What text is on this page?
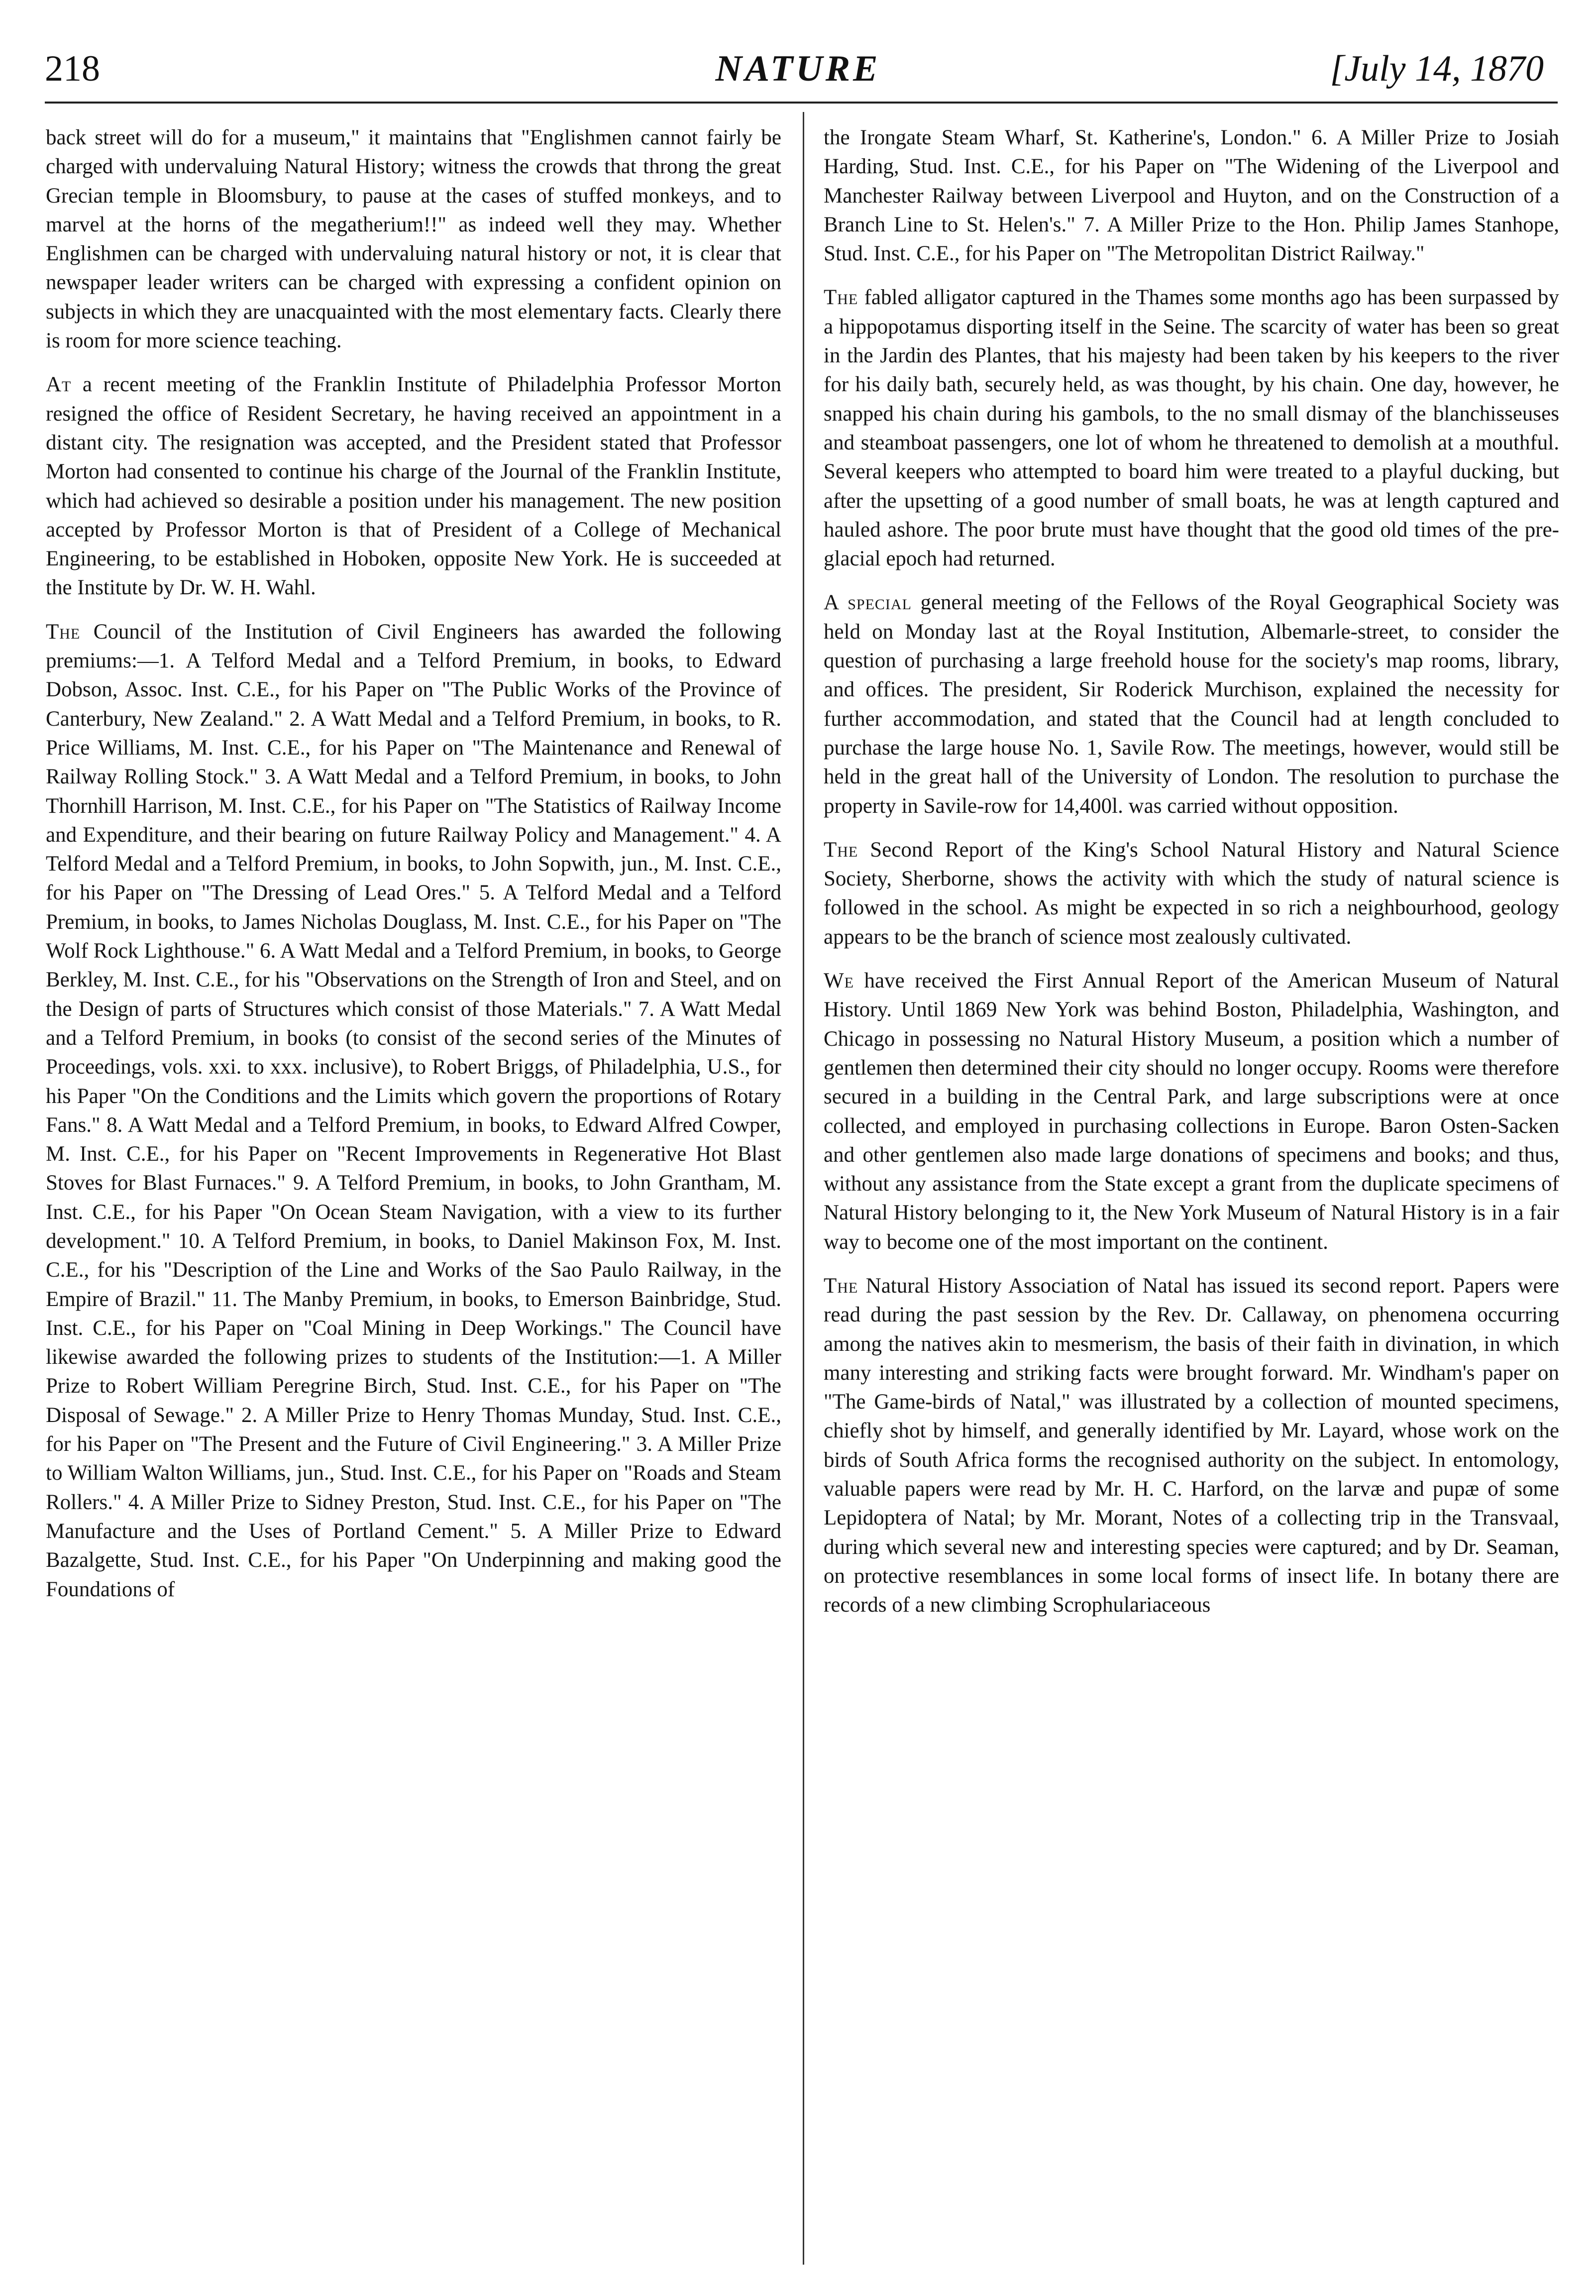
218	NATURE	[July 14, 1870

back street will do for a museum," it maintains that "Englishmen cannot fairly be charged with undervaluing Natural History; witness the crowds that throng the great Grecian temple in Bloomsbury, to pause at the cases of stuffed monkeys, and to marvel at the horns of the megatherium!!" as indeed well they may. Whether Englishmen can be charged with undervaluing natural history or not, it is clear that newspaper leader writers can be charged with expressing a confident opinion on subjects in which they are unacquainted with the most elementary facts. Clearly there is room for more science teaching.

At a recent meeting of the Franklin Institute of Philadelphia Professor Morton resigned the office of Resident Secretary, he having received an appointment in a distant city. The resignation was accepted, and the President stated that Professor Morton had consented to continue his charge of the Journal of the Franklin Institute, which had achieved so desirable a position under his management. The new position accepted by Professor Morton is that of President of a College of Mechanical Engineering, to be established in Hoboken, opposite New York. He is succeeded at the Institute by Dr. W. H. Wahl.

The Council of the Institution of Civil Engineers has awarded the following premiums:—1. A Telford Medal and a Telford Premium, in books, to Edward Dobson, Assoc. Inst. C.E., for his Paper on "The Public Works of the Province of Canterbury, New Zealand." 2. A Watt Medal and a Telford Premium, in books, to R. Price Williams, M. Inst. C.E., for his Paper on "The Maintenance and Renewal of Railway Rolling Stock." 3. A Watt Medal and a Telford Premium, in books, to John Thornhill Harrison, M. Inst. C.E., for his Paper on "The Statistics of Railway Income and Expenditure, and their bearing on future Railway Policy and Management." 4. A Telford Medal and a Telford Premium, in books, to John Sopwith, jun., M. Inst. C.E., for his Paper on "The Dressing of Lead Ores." 5. A Telford Medal and a Telford Premium, in books, to James Nicholas Douglass, M. Inst. C.E., for his Paper on "The Wolf Rock Lighthouse." 6. A Watt Medal and a Telford Premium, in books, to George Berkley, M. Inst. C.E., for his "Observations on the Strength of Iron and Steel, and on the Design of parts of Structures which consist of those Materials." 7. A Watt Medal and a Telford Premium, in books (to consist of the second series of the Minutes of Proceedings, vols. xxi. to xxx. inclusive), to Robert Briggs, of Philadelphia, U.S., for his Paper "On the Conditions and the Limits which govern the proportions of Rotary Fans." 8. A Watt Medal and a Telford Premium, in books, to Edward Alfred Cowper, M. Inst. C.E., for his Paper on "Recent Improvements in Regenerative Hot Blast Stoves for Blast Furnaces." 9. A Telford Premium, in books, to John Grantham, M. Inst. C.E., for his Paper "On Ocean Steam Navigation, with a view to its further development." 10. A Telford Premium, in books, to Daniel Makinson Fox, M. Inst. C.E., for his "Description of the Line and Works of the Sao Paulo Railway, in the Empire of Brazil." 11. The Manby Premium, in books, to Emerson Bainbridge, Stud. Inst. C.E., for his Paper on "Coal Mining in Deep Workings." The Council have likewise awarded the following prizes to students of the Institution:—1. A Miller Prize to Robert William Peregrine Birch, Stud. Inst. C.E., for his Paper on "The Disposal of Sewage." 2. A Miller Prize to Henry Thomas Munday, Stud. Inst. C.E., for his Paper on "The Present and the Future of Civil Engineering." 3. A Miller Prize to William Walton Williams, jun., Stud. Inst. C.E., for his Paper on "Roads and Steam Rollers." 4. A Miller Prize to Sidney Preston, Stud. Inst. C.E., for his Paper on "The Manufacture and the Uses of Portland Cement." 5. A Miller Prize to Edward Bazalgette, Stud. Inst. C.E., for his Paper "On Underpinning and making good the Foundations of

the Irongate Steam Wharf, St. Katherine's, London." 6. A Miller Prize to Josiah Harding, Stud. Inst. C.E., for his Paper on "The Widening of the Liverpool and Manchester Railway between Liverpool and Huyton, and on the Construction of a Branch Line to St. Helen's." 7. A Miller Prize to the Hon. Philip James Stanhope, Stud. Inst. C.E., for his Paper on "The Metropolitan District Railway."

The fabled alligator captured in the Thames some months ago has been surpassed by a hippopotamus disporting itself in the Seine. The scarcity of water has been so great in the Jardin des Plantes, that his majesty had been taken by his keepers to the river for his daily bath, securely held, as was thought, by his chain. One day, however, he snapped his chain during his gambols, to the no small dismay of the blanchisseuses and steamboat passengers, one lot of whom he threatened to demolish at a mouthful. Several keepers who attempted to board him were treated to a playful ducking, but after the upsetting of a good number of small boats, he was at length captured and hauled ashore. The poor brute must have thought that the good old times of the pre-glacial epoch had returned.

A special general meeting of the Fellows of the Royal Geographical Society was held on Monday last at the Royal Institution, Albemarle-street, to consider the question of purchasing a large freehold house for the society's map rooms, library, and offices. The president, Sir Roderick Murchison, explained the necessity for further accommodation, and stated that the Council had at length concluded to purchase the large house No. 1, Savile Row. The meetings, however, would still be held in the great hall of the University of London. The resolution to purchase the property in Savile-row for 14,400l. was carried without opposition.

The Second Report of the King's School Natural History and Natural Science Society, Sherborne, shows the activity with which the study of natural science is followed in the school. As might be expected in so rich a neighbourhood, geology appears to be the branch of science most zealously cultivated.

We have received the First Annual Report of the American Museum of Natural History. Until 1869 New York was behind Boston, Philadelphia, Washington, and Chicago in possessing no Natural History Museum, a position which a number of gentlemen then determined their city should no longer occupy. Rooms were therefore secured in a building in the Central Park, and large subscriptions were at once collected, and employed in purchasing collections in Europe. Baron Osten-Sacken and other gentlemen also made large donations of specimens and books; and thus, without any assistance from the State except a grant from the duplicate specimens of Natural History belonging to it, the New York Museum of Natural History is in a fair way to become one of the most important on the continent.

The Natural History Association of Natal has issued its second report. Papers were read during the past session by the Rev. Dr. Callaway, on phenomena occurring among the natives akin to mesmerism, the basis of their faith in divination, in which many interesting and striking facts were brought forward. Mr. Windham's paper on "The Game-birds of Natal," was illustrated by a collection of mounted specimens, chiefly shot by himself, and generally identified by Mr. Layard, whose work on the birds of South Africa forms the recognised authority on the subject. In entomology, valuable papers were read by Mr. H. C. Harford, on the larvæ and pupæ of some Lepidoptera of Natal; by Mr. Morant, Notes of a collecting trip in the Transvaal, during which several new and interesting species were captured; and by Dr. Seaman, on protective resemblances in some local forms of insect life. In botany there are records of a new climbing Scrophulariaceous
